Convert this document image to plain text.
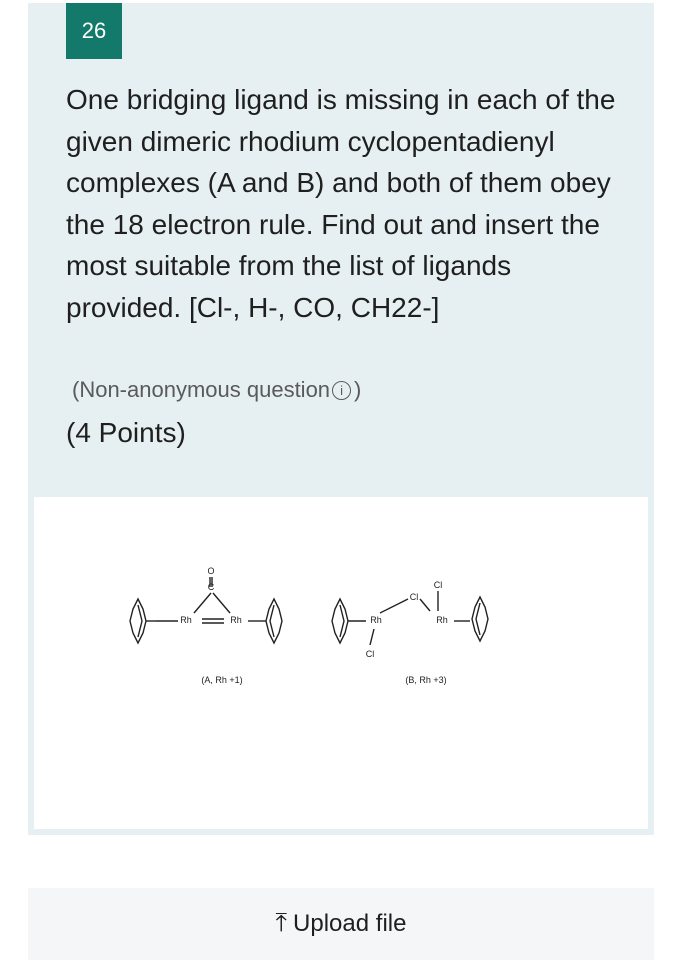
26
One bridging ligand is missing in each of the given dimeric rhodium cyclopentadienyl complexes (A and B) and both of them obey the 18 electron rule. Find out and insert the most suitable from the list of ligands provided. [Cl-, H-, CO, CH22-]
(Non-anonymous question i )
(4 Points)
Rh	Rh
O
C
(A, Rh +1)
Rh	Rh
Cl
Cl
Cl
(B, Rh +3)
⤒ Upload file
